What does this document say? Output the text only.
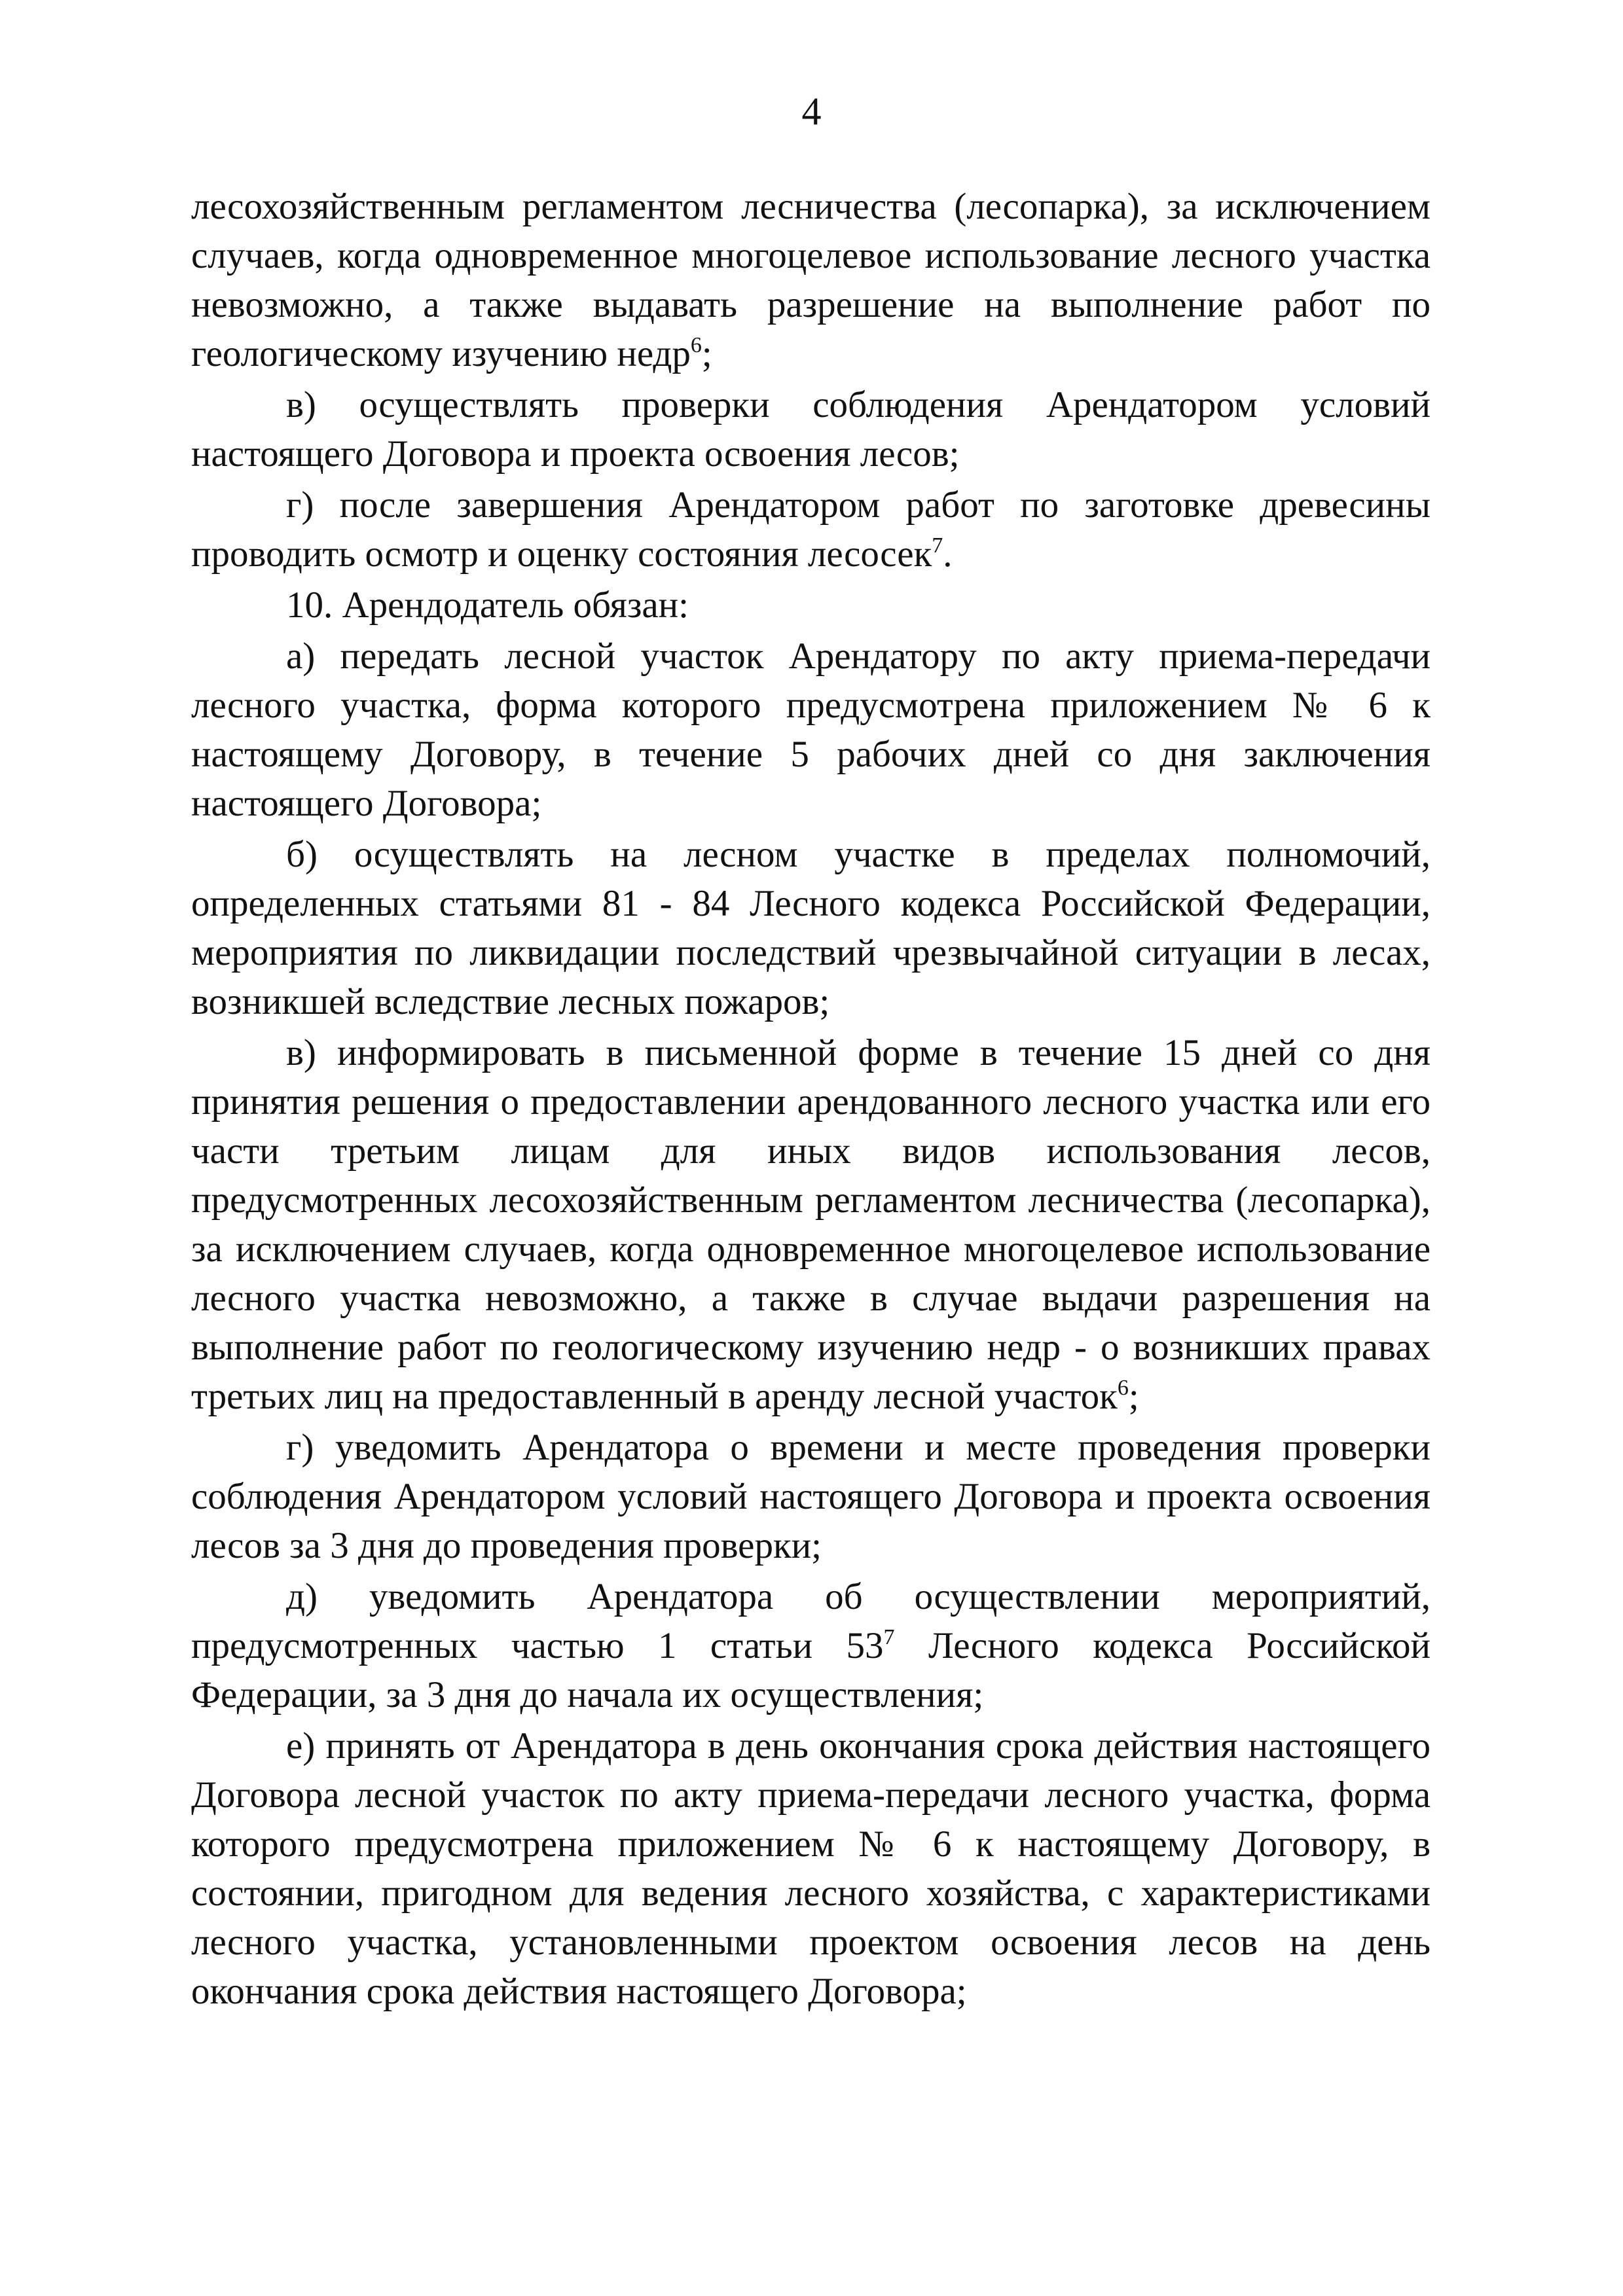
4

лесохозяйственным регламентом лесничества (лесопарка), за исключением случаев, когда одновременное многоцелевое использование лесного участка невозможно, а также выдавать разрешение на выполнение работ по геологическому изучению недр$^6$;

в) осуществлять проверки соблюдения Арендатором условий настоящего Договора и проекта освоения лесов;

г) после завершения Арендатором работ по заготовке древесины проводить осмотр и оценку состояния лесосек$^7$.

10. Арендодатель обязан:

а) передать лесной участок Арендатору по акту приема-передачи лесного участка, форма которого предусмотрена приложением № 6 к настоящему Договору, в течение 5 рабочих дней со дня заключения настоящего Договора;

б) осуществлять на лесном участке в пределах полномочий, определенных статьями 81 - 84 Лесного кодекса Российской Федерации, мероприятия по ликвидации последствий чрезвычайной ситуации в лесах, возникшей вследствие лесных пожаров;

в) информировать в письменной форме в течение 15 дней со дня принятия решения о предоставлении арендованного лесного участка или его части третьим лицам для иных видов использования лесов, предусмотренных лесохозяйственным регламентом лесничества (лесопарка), за исключением случаев, когда одновременное многоцелевое использование лесного участка невозможно, а также в случае выдачи разрешения на выполнение работ по геологическому изучению недр - о возникших правах третьих лиц на предоставленный в аренду лесной участок$^6$;

г) уведомить Арендатора о времени и месте проведения проверки соблюдения Арендатором условий настоящего Договора и проекта освоения лесов за 3 дня до проведения проверки;

д) уведомить Арендатора об осуществлении мероприятий, предусмотренных частью 1 статьи $53^7$ Лесного кодекса Российской Федерации, за 3 дня до начала их осуществления;

е) принять от Арендатора в день окончания срока действия настоящего Договора лесной участок по акту приема-передачи лесного участка, форма которого предусмотрена приложением № 6 к настоящему Договору, в состоянии, пригодном для ведения лесного хозяйства, с характеристиками лесного участка, установленными проектом освоения лесов на день окончания срока действия настоящего Договора;
